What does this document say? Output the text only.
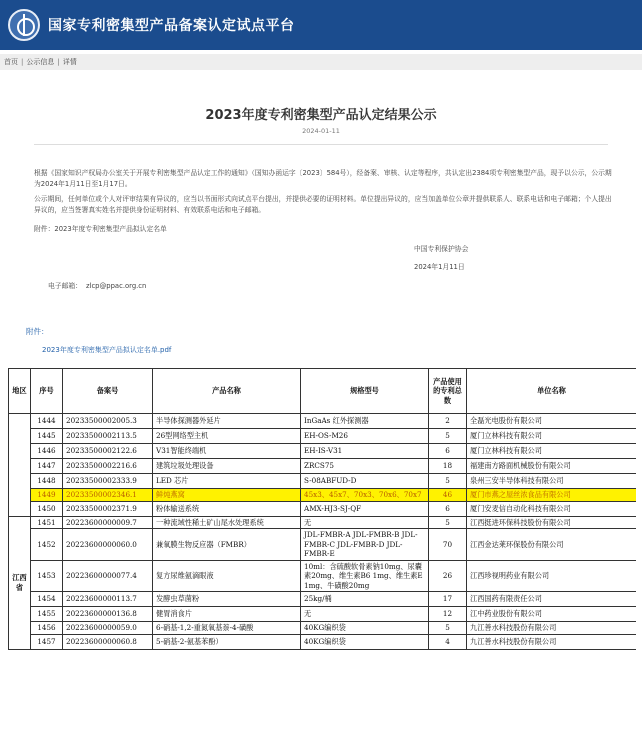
国家专利密集型产品备案认定试点平台
首页 | 公示信息 | 详情
2023年度专利密集型产品认定结果公示
2024-01-11
根据《国家知识产权局办公室关于开展专利密集型产品认定工作的通知》（国知办函运字〔2023〕584号），经备案、审核、认定等程序，共认定出2384项专利密集型产品，现予以公示，公示期为2024年1月11日至1月17日。
公示期间，任何单位或个人对评审结果有异议的，应当以书面形式向试点平台提出，并提供必要的证明材料。单位提出异议的，应当加盖单位公章并提供联系人、联系电话和电子邮箱；个人提出异议的，应当签署真实姓名并提供身份证明材料、有效联系电话和电子邮箱。
附件：2023年度专利密集型产品拟认定名单
中国专利保护协会
2024年1月11日
电子邮箱： zlcp@ppac.org.cn
附件：
2023年度专利密集型产品拟认定名单.pdf
地区	序号	备案号	产品名称	规格型号	产品使用的专利总数	单位名称
	1444	20233500002005.3	半导体探测器外延片	InGaAs 红外探测器	2	全磊光电股份有限公司
	1445	20233500002113.5	26型网络型主机	EH-OS-M26	5	厦门立林科技有限公司
	1446	20233500002122.6	V31智能终端机	EH-IS-V31	6	厦门立林科技有限公司
	1447	20233500002216.6	建筑垃圾处理设备	ZRCS75	18	福建南方路面机械股份有限公司
	1448	20233500002333.9	LED 芯片	S-08ABFUD-D	5	泉州三安半导体科技有限公司
	1449	20233500002346.1	鲜炖燕窝	45x3、45x7、70x3、70x6、70x7	46	厦门市燕之屋丝浓食品有限公司
	1450	20233500002371.9	粉体输送系统	AMX-HJ3-SJ-QF	6	厦门安麦信自动化科技有限公司
江西省	1451	20223600000009.7	一种流域性稀土矿山尾水处理系统	无	5	江西挺进环保科技股份有限公司
	1452	20223600000060.0	兼氧膜生物反应器（FMBR）	JDL-FMBR-A JDL-FMBR-B JDL-FMBR-C JDL-FMBR-D JDL-FMBR-E	70	江西金达莱环保股份有限公司
	1453	20223600000077.4	复方尿维氨滴眼液	10ml：含硫酸软骨素钠10mg、尿囊素20mg、维生素B6 1mg、维生素E 1mg、牛磺酸20mg	26	江西珍视明药业有限公司
	1454	20223600000113.7	发酵虫草菌粉	25kg/桶	17	江西国药有限责任公司
	1455	20223600000136.8	健胃消食片	无	12	江中药业股份有限公司
	1456	20223600000059.0	6-硝基-1,2-重氮氧基萘-4-磺酸	40KG编织袋	5	九江善水科技股份有限公司
	1457	20223600000060.8	5-硝基-2-氨基苯酚）	40KG编织袋	4	九江善水科技股份有限公司
